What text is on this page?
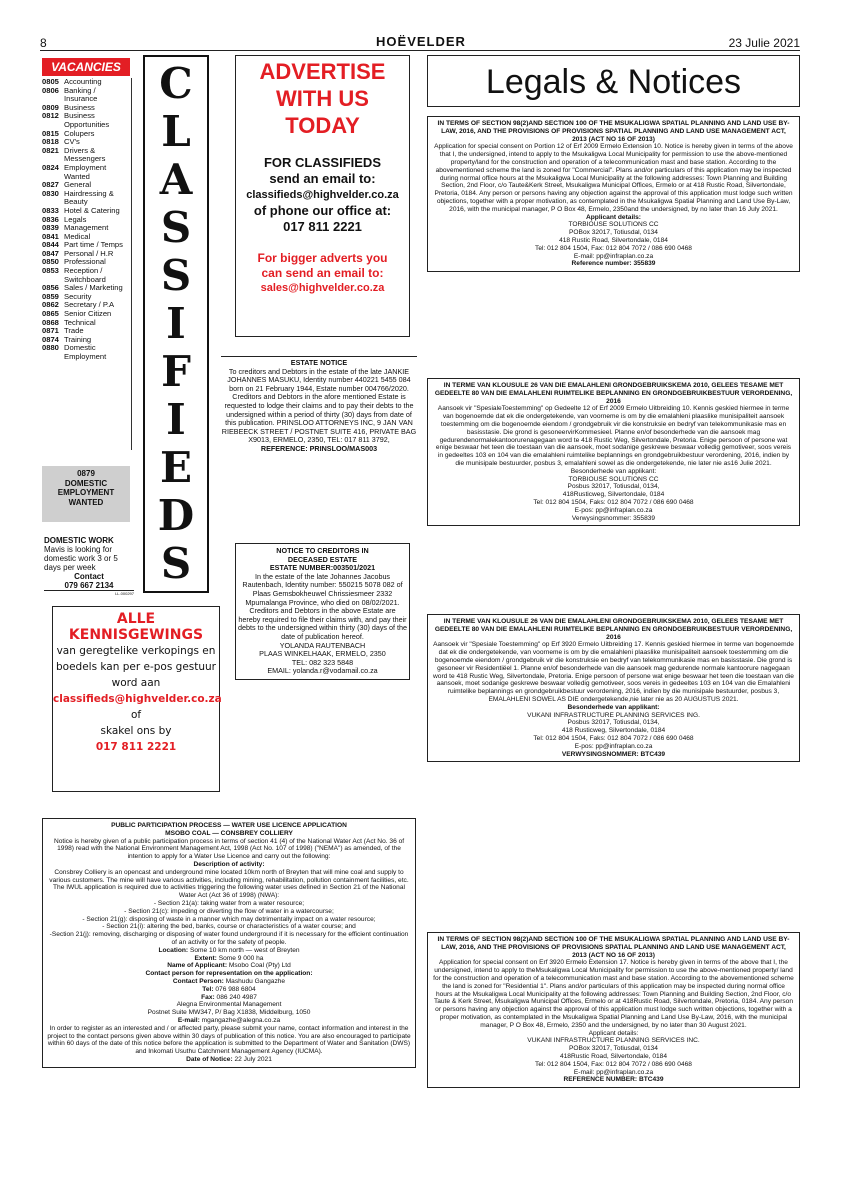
8	HOËVELDER	23 Julie 2021
VACANCIES
0805 Accounting
0806 Banking / Insurance
0809 Business
0812 Business Opportunities
0815 Colupers
0818 CV's
0821 Drivers & Messengers
0824 Employment Wanted
0827 General
0830 Hairdressing & Beauty
0833 Hotel & Catering
0836 Legals
0839 Management
0841 Medical
0844 Part time / Temps
0847 Personal / H.R
0850 Professional
0853 Reception / Switchboard
0856 Sales / Marketing
0859 Security
0862 Secretary / P.A
0865 Senior Citizen
0868 Technical
0871 Trade
0874 Training
0880 Domestic Employment
0879
DOMESTIC
EMPLOYMENT
WANTED
DOMESTIC WORK
Mavis is looking for domestic work 3 or 5 days per week
Contact
079 667 2134
LL.000297
C
L
A
S
S
I
F
I
E
D
S
ADVERTISE
WITH US
TODAY
FOR CLASSIFIEDS
send an email to:
classifieds@highvelder.co.za
of phone our office at:
017 811 2221
For bigger adverts you
can send an email to:
sales@highvelder.co.za
ESTATE NOTICE
To creditors and Debtors in the estate of the late JANKIE JOHANNES MASUKU, Identity number 440221 5455 084 born on 21 February 1944, Estate number 004766/2020. Creditors and Debtors in the afore mentioned Estate is requested to lodge their claims and to pay their debts to the undersigned within a period of thirty (30) days from date of this publication. PRINSLOO ATTORNEYS INC, 9 JAN VAN RIEBEECK STREET / POSTNET SUITE 416, PRIVATE BAG X9013, ERMELO, 2350, TEL: 017 811 3792,
REFERENCE: PRINSLOO/MAS003
NOTICE TO CREDITORS IN
DECEASED ESTATE
ESTATE NUMBER:003501/2021
In the estate of the late Johannes Jacobus Rautenbach, Identity number: 550215 5078 082 of Plaas Gemsbokheuwel Chrissiesmeer 2332 Mpumalanga Province, who died on 08/02/2021.
Creditors and Debtors in the above Estate are hereby required to file their claims with, and pay their debts to the undersigned within thirty (30) days of the date of publication hereof.
YOLANDA RAUTENBACH
PLAAS WINKELHAAK, ERMELO, 2350
TEL: 082 323 5848
EMAIL: yolanda.r@vodamail.co.za
ALLE
KENNISGEWINGS
van geregtelike verkopings en
boedels kan per e-pos gestuur
word aan
classifieds@highvelder.co.za
of
skakel ons by
017 811 2221
PUBLIC PARTICIPATION PROCESS — WATER USE LICENCE APPLICATION
MSOBO COAL — CONSBREY COLLIERY
Notice is hereby given of a public participation process in terms of section 41 (4) of the National Water Act (Act No. 36 of 1998) read with the National Environment Management Act, 1998 (Act No. 107 of 1998) ("NEMA") as amended, of the intention to apply for a Water Use Licence and carry out the following:
Description of activity:
Consbrey Colliery is an opencast and underground mine located 10km north of Breyten that will mine coal and supply to various customers. The mine will have various activities, including mining, rehabilitation, pollution containment facilities, etc.
The IWUL application is required due to activities triggering the following water uses defined in Section 21 of the National Water Act (Act 36 of 1998) (NWA):
- Section 21(a): taking water from a water resource;
- Section 21(c): impeding or diverting the flow of water in a watercourse;
- Section 21(g): disposing of waste in a manner which may detrimentally impact on a water resource;
- Section 21(i): altering the bed, banks, course or characteristics of a water course; and
-Section 21(j): removing, discharging or disposing of water found underground if it is necessary for the efficient continuation of an activity or for the safety of people.
Location: Some 10 km north — west of Breyten
Extent: Some 9 000 ha
Name of Applicant: Msobo Coal (Pty) Ltd
Contact person for representation on the application:
Contact Person: Mashudu Gangazhe
Tel: 076 988 6804
Fax: 086 240 4987
Alegna Environmental Management
Postnet Suite MW347, P/ Bag X1838, Middelburg, 1050
E-mail: mgangazhe@alegna.co.za
In order to register as an interested and / or affected party, please submit your name, contact information and interest in the project to the contact persons given above within 30 days of publication of this notice. You are also encouraged to participate within 60 days of the date of this notice before the application is submitted to the Department of Water and Sanitation (DWS) and Inkomati Usuthu Catchment Management Agency (IUCMA).
Date of Notice: 22 July 2021
Legals & Notices
IN TERMS OF SECTION 98(2)AND SECTION 100 OF THE MSUKALIGWA SPATIAL PLANNING AND LAND USE BY-LAW, 2016, AND THE PROVISIONS OF PROVISIONS SPATIAL PLANNING AND LAND USE MANAGEMENT ACT, 2013 (ACT NO 16 OF 2013)
Application for special consent on Portion 12 of Erf 2009 Ermelo Extension 10. Notice is hereby given in terms of the above that I, the undersigned, intend to apply to the Msukaligwa Local Municipality for permission to use the above-mentioned property/land for the construction and operation of a telecommunication mast and base station. According to the abovementioned scheme the land is zoned for "Commercial". Plans and/or particulars of this application may be inspected during normal office hours at the Msukaligwa Local Municipality at the following addresses: Town Planning and Building Section, 2nd Floor, c/o Taute&Kerk Street, Msukaligwa Municipal Offices, Ermelo or at 418 Rustic Road, Silvertondale, Pretoria, 0184. Any person or persons having any objection against the approval of this application must lodge such written objections, together with a proper motivation, as contemplated in the Msukaligwa Spatial Planning and Land Use By-Law, 2016, with the municipal manager, P O Box 48, Ermelo, 2350and the undersigned, by no later than 16 July 2021.
Applicant details:
TORBIOUSE SOLUTIONS CC
POBox 32017, Totiusdal, 0134
418 Rustic Road, Silvertondale, 0184
Tel: 012 804 1504, Fax: 012 804 7072 / 086 690 0468
E-mail: pp@infraplan.co.za
Reference number: 355839
IN TERME VAN KLOUSULE 26 VAN DIE EMALAHLENI GRONDGEBRUIKSKEMA 2010, GELEES TESAME MET GEDEELTE 80 VAN DIE EMALAHLENI RUIMTELIKE BEPLANNING EN GRONDGEBRUIKBESTUUR VERORDENING, 2016
Aansoek vir "SpesialeToestemming" op Gedeelte 12 of Erf 2009 Ermelo Uitbreiding 10. Kennis geskied hiermee in terme van bogenoemde dat ek die ondergetekende, van voorneme is om by die emalahleni plaaslike munisipaliteit aansoek toestemming om die bogenoemde eiendom / grondgebruik vir die konstruksie en bedryf van telekommunikasie mas en basisstasie. Die grond is gesoneervirKommesieel. Planne en/of besonderhede van die aansoek mag gedurendenormalekantoorurenagegaan word te 418 Rustic Weg, Silvertondale, Pretoria. Enige persoon of persone wat enige beswaar het teen die toestaan van die aansoek, moet sodanige geskrewe beswaar volledig gemotiveer, soos vereis in gedeeltes 103 en 104 van die emalahleni ruimtelike beplannings en grondgebruikbestuur verordening, 2016, indien by die munisipale bestuurder, posbus 3, emalahleni sowel as die ondergetekende, nie later nie as16 Julie 2021.
Besonderhede van applikant:
TORBIOUSE SOLUTIONS CC
Posbus 32017, Totiusdal, 0134,
418Rusticweg, Silvertondale, 0184
Tel: 012 804 1504, Faks: 012 804 7072 / 086 690 0468
E-pos: pp@infraplan.co.za
Verwysingsnommer: 355839
IN TERME VAN KLOUSULE 26 VAN DIE EMALAHLENI GRONDGEBRUIKSKEMA 2010, GELEES TESAME MET GEDEELTE 80 VAN DIE EMALAHLENI RUIMTELIKE BEPLANNING EN GRONDGEBRUIKBESTUUR VERORDENING, 2016
Aansoek vir "Spesiale Toestemming" op Erf 3920 Ermelo Uitbreiding 17. Kennis geskied hiermee in terme van bogenoemde dat ek die ondergetekende, van voorneme is om by die emalahleni plaaslike munisipaliteit aansoek toestemming om die bogenoemde eiendom / grondgebruik vir die konstruksie en bedryf van telekommunikasie mas en basisstasie. Die grond is gesoneer vir Residentiëel 1. Planne en/of besonderhede van die aansoek mag gedurende normale kantoorure nagegaan word te 418 Rustic Weg, Silvertondale, Pretoria. Enige persoon of persone wat enige beswaar het teen die toestaan van die aansoek, moet sodanige geskrewe beswaar volledig gemotiveer, soos vereis in gedeeltes 103 en 104 van die Emalahleni ruimtelike beplannings en grondgebruikbestuur verordening, 2016, indien by die munisipale bestuurder, posbus 3, EMALAHLENI SOWEL AS DIE ondergetekende,nie later nie as 20 AUGUSTUS 2021.
Besonderhede van applikant:
VUKANI INFRASTRUCTURE PLANNING SERVICES ING.
Posbus 32017, Totiusdal, 0134,
418 Rusticweg, Silvertondale, 0184
Tel: 012 804 1504, Faks: 012 804 7072 / 086 690 0468
E-pos: pp@infraplan.co.za
VERWYSINGSNOMMER: BTC439
IN TERMS OF SECTION 98(2)AND SECTION 100 OF THE MSUKALIGWA SPATIAL PLANNING AND LAND USE BY-LAW, 2016, AND THE PROVISIONS OF PROVISIONS SPATIAL PLANNING AND LAND USE MANAGEMENT ACT, 2013 (ACT NO 16 OF 2013)
Application for special consent on Erf 3920 Ermelo Extension 17. Notice is hereby given in terms of the above that I, the undersigned, intend to apply to theMsukaligwa Local Municipality for permission to use the above-mentioned property/ land for the construction and operation of a telecommunication mast and base station. According to the abovementioned scheme the land is zoned for "Residential 1". Plans and/or particulars of this application may be inspected during normal office hours at the Msukaligwa Local Municipality at the following addresses: Town Planning and Building Section, 2nd Floor, c/o Taute & Kerk Street, Msukaligwa Municipal Offices, Ermelo or at 418Rustic Road, Silvertondale, Pretoria, 0184. Any person or persons having any objection against the approval of this application must lodge such written objections, together with a proper motivation, as contemplated in the Msukaligwa Spatial Planning and Land Use By-Law, 2016, with the municipal manager, P O Box 48, Ermelo, 2350 and the undersigned, by no later than 30 August 2021.
Applicant details:
VUKANI INFRASTRUCTURE PLANNING SERVICES INC.
POBox 32017, Totiusdal, 0134
418Rustic Road, Silvertondale, 0184
Tel: 012 804 1504, Fax: 012 804 7072 / 086 690 0468
E-mail: pp@infraplan.co.za
REFERENCE NUMBER: BTC439
